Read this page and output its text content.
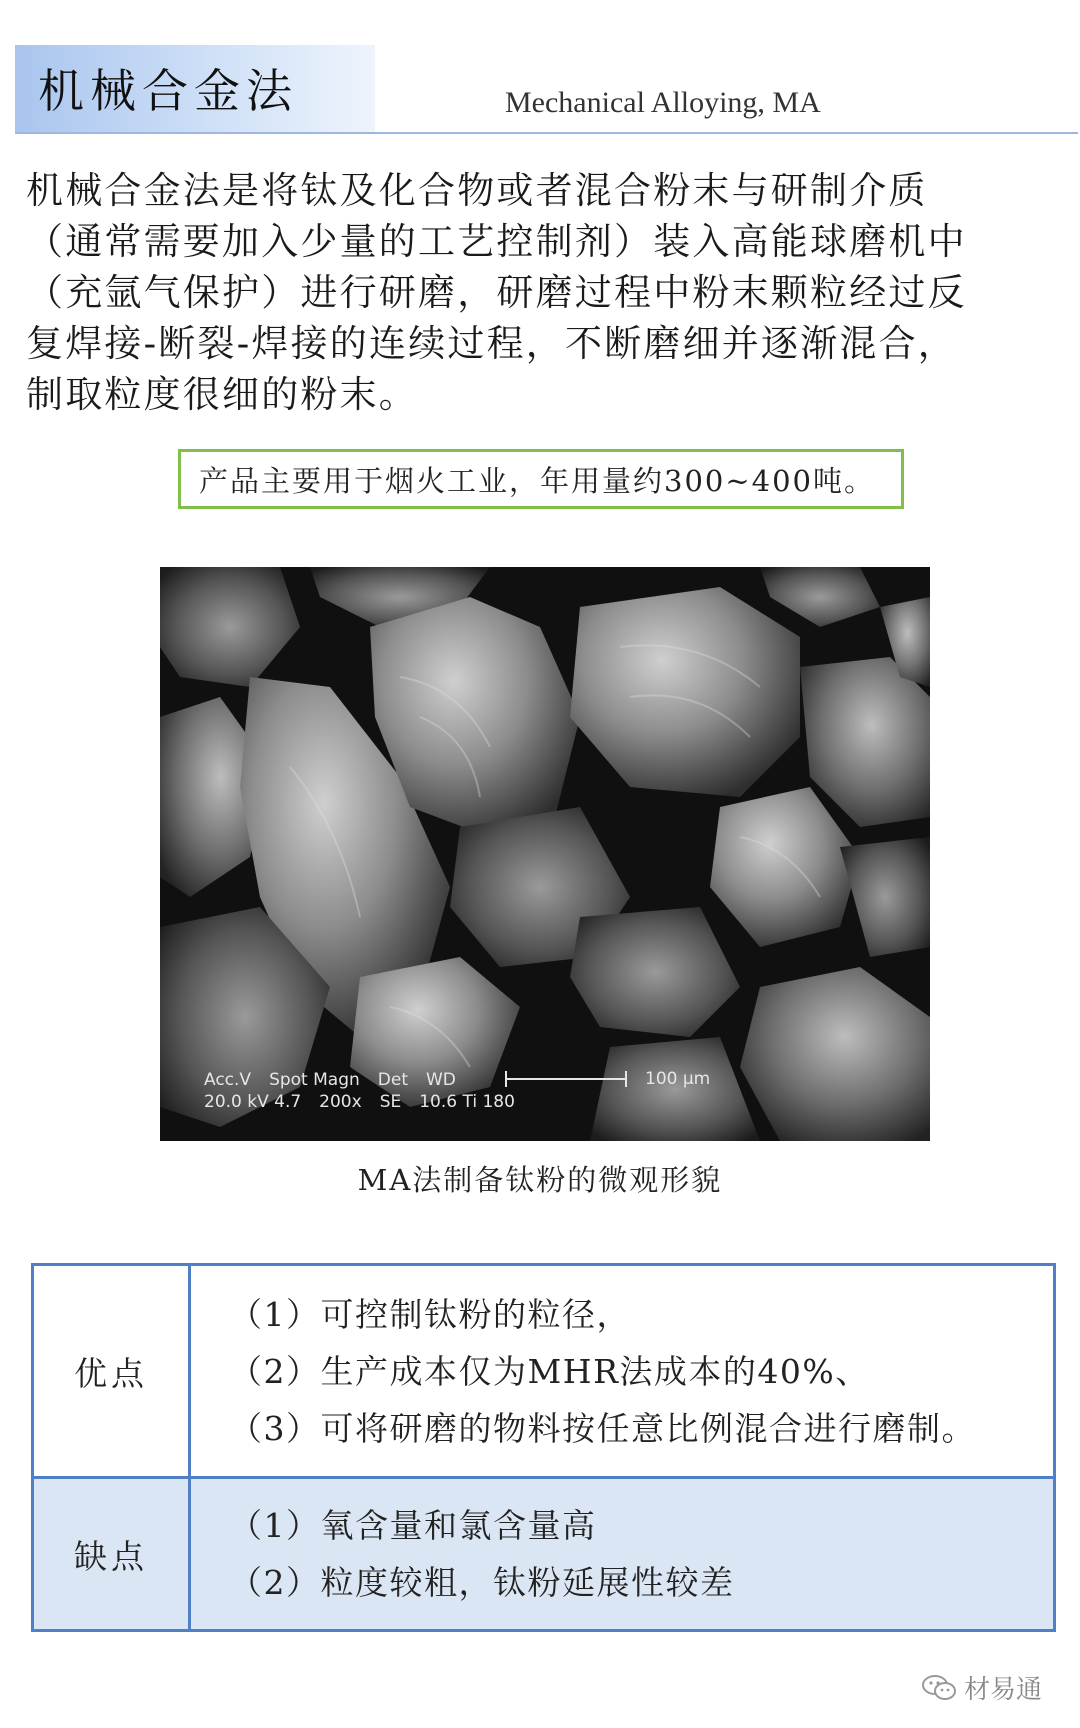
机械合金法	Mechanical Alloying, MA
机械合金法是将钛及化合物或者混合粉末与研制介质
（通常需要加入少量的工艺控制剂）装入高能球磨机中
（充氩气保护）进行研磨，研磨过程中粉末颗粒经过反
复焊接-断裂-焊接的连续过程，不断磨细并逐渐混合，
制取粒度很细的粉末。
产品主要用于烟火工业，年用量约300~400吨。
Acc.V Spot Magn Det WD
20.0 kV 4.7 200x SE 10.6 Ti 180
100 μm
MA法制备钛粉的微观形貌
优点	（1）可控制钛粉的粒径，
（2）生产成本仅为MHR法成本的40%、
（3）可将研磨的物料按任意比例混合进行磨制。

缺点	（1）氧含量和氯含量高
（2）粒度较粗，钛粉延展性较差
材易通
